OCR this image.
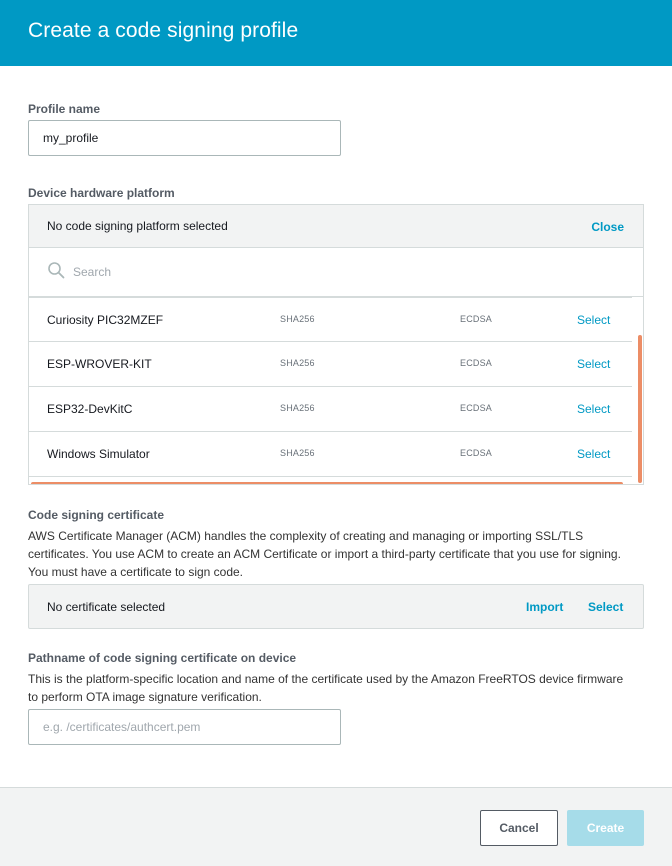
Create a code signing profile
Profile name
my_profile
Device hardware platform
No code signing platform selected	Close
Search
Curiosity PIC32MZEF	SHA256	ECDSA	Select
ESP-WROVER-KIT	SHA256	ECDSA	Select
ESP32-DevKitC	SHA256	ECDSA	Select
Windows Simulator	SHA256	ECDSA	Select
Code signing certificate
AWS Certificate Manager (ACM) handles the complexity of creating and managing or importing SSL/TLS certificates. You use ACM to create an ACM Certificate or import a third-party certificate that you use for signing. You must have a certificate to sign code.
No certificate selected	Import Select
Pathname of code signing certificate on device
This is the platform-specific location and name of the certificate used by the Amazon FreeRTOS device firmware to perform OTA image signature verification.
e.g. /certificates/authcert.pem
Cancel	Create
